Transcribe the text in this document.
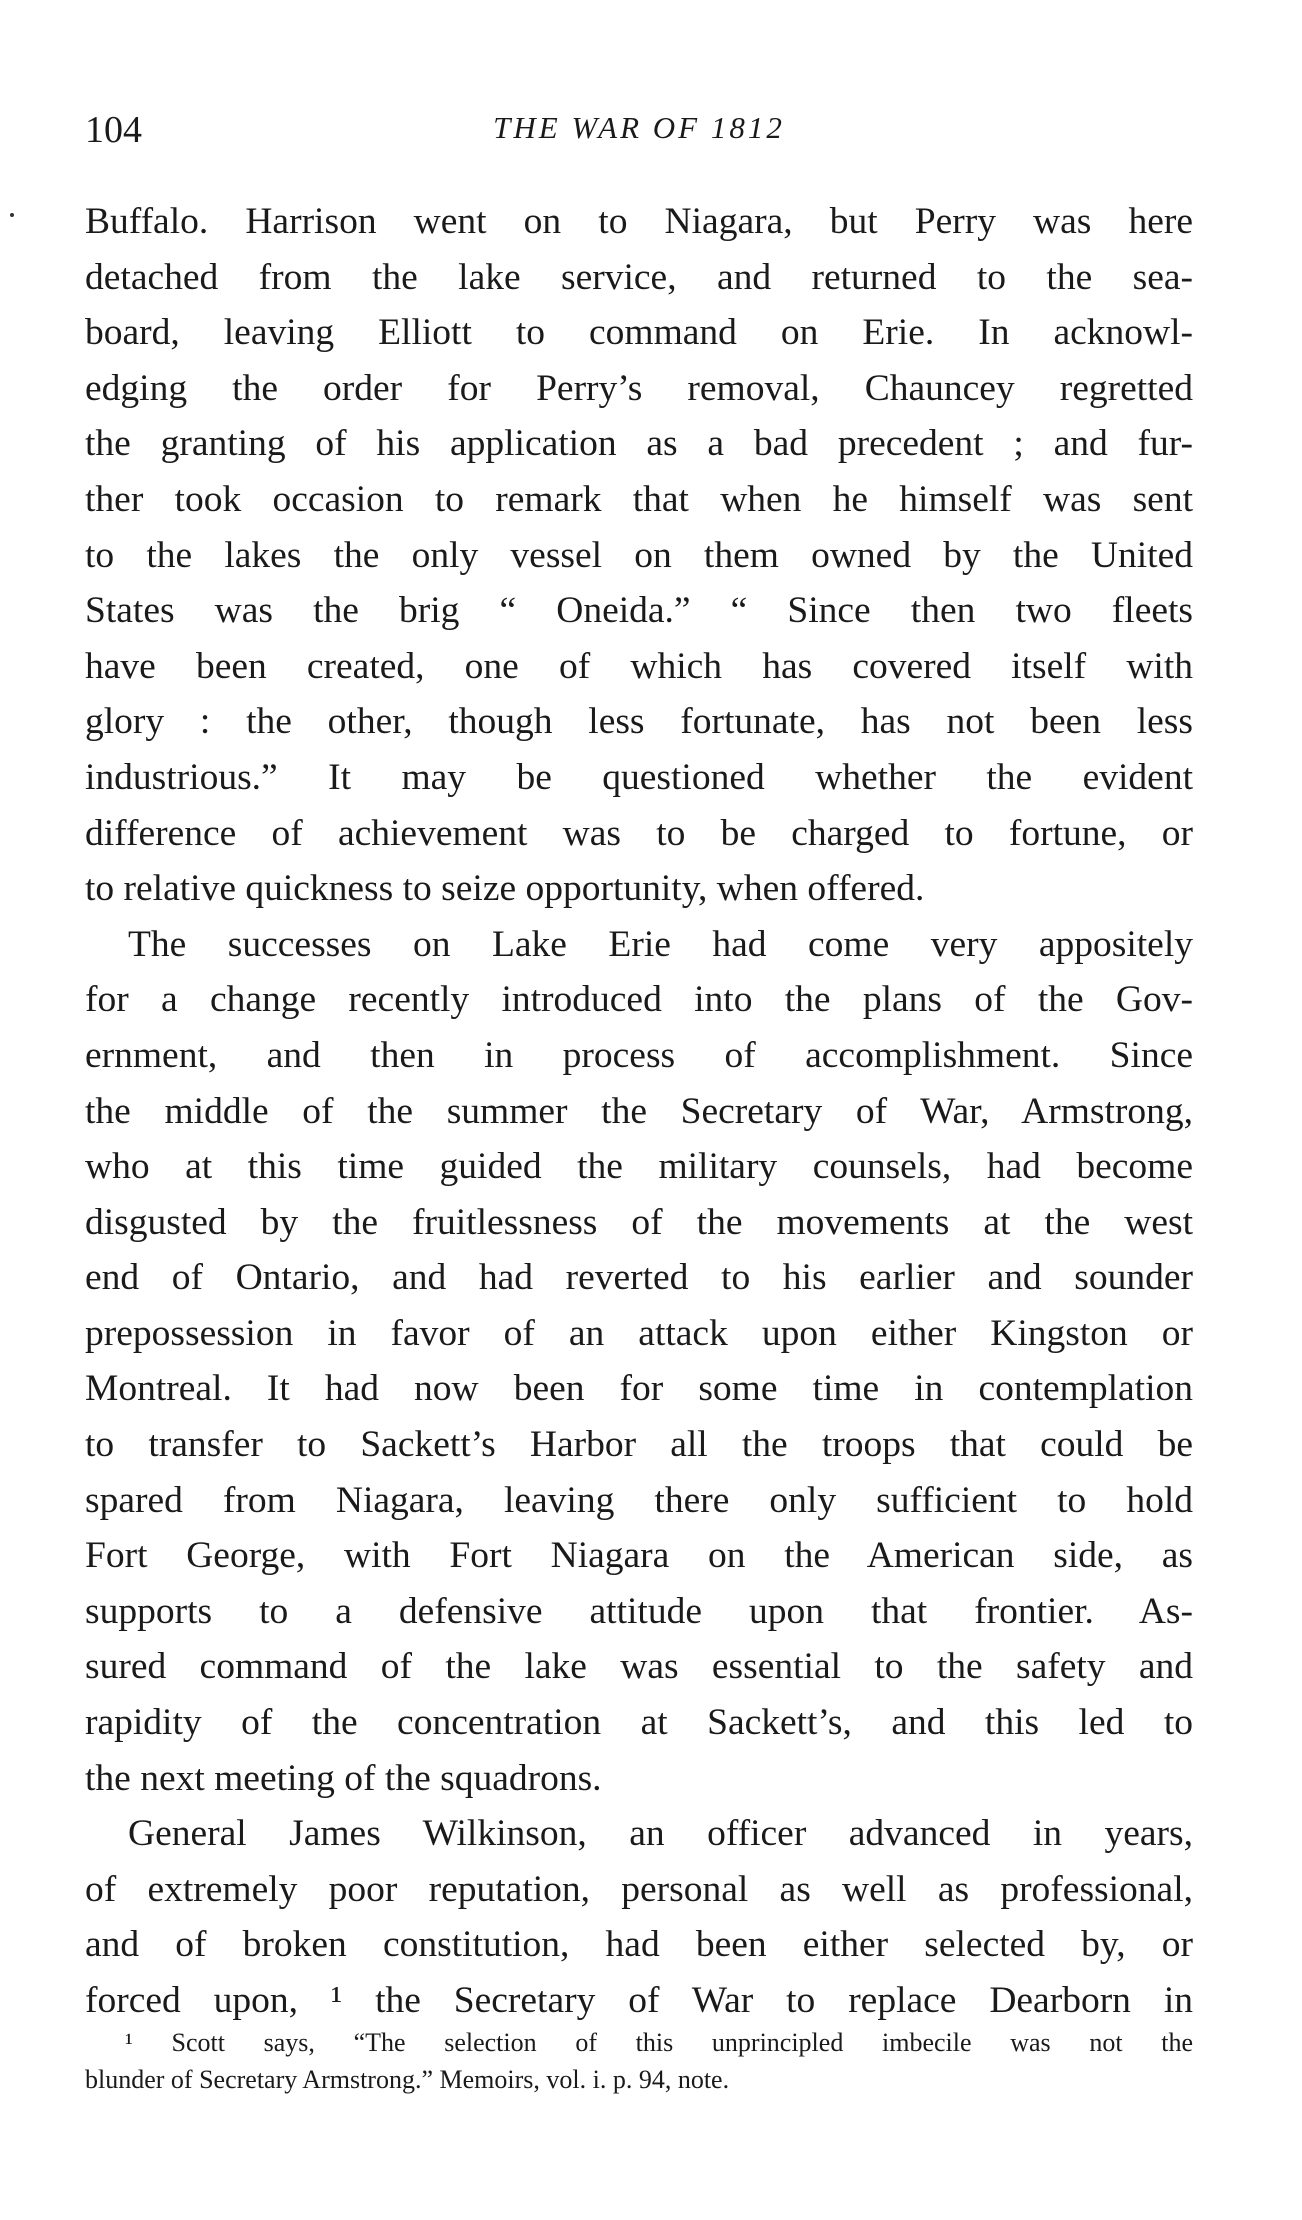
104	THE WAR OF 1812
Buffalo. Harrison went on to Niagara, but Perry was here
detached from the lake service, and returned to the sea-
board, leaving Elliott to command on Erie. In acknowl-
edging the order for Perry’s removal, Chauncey regretted
the granting of his application as a bad precedent ; and fur-
ther took occasion to remark that when he himself was sent
to the lakes the only vessel on them owned by the United
States was the brig “ Oneida.” “ Since then two fleets
have been created, one of which has covered itself with
glory : the other, though less fortunate, has not been less
industrious.” It may be questioned whether the evident
difference of achievement was to be charged to fortune, or
to relative quickness to seize opportunity, when offered.
The successes on Lake Erie had come very appositely
for a change recently introduced into the plans of the Gov-
ernment, and then in process of accomplishment. Since
the middle of the summer the Secretary of War, Armstrong,
who at this time guided the military counsels, had become
disgusted by the fruitlessness of the movements at the west
end of Ontario, and had reverted to his earlier and sounder
prepossession in favor of an attack upon either Kingston or
Montreal. It had now been for some time in contemplation
to transfer to Sackett’s Harbor all the troops that could be
spared from Niagara, leaving there only sufficient to hold
Fort George, with Fort Niagara on the American side, as
supports to a defensive attitude upon that frontier. As-
sured command of the lake was essential to the safety and
rapidity of the concentration at Sackett’s, and this led to
the next meeting of the squadrons.
General James Wilkinson, an officer advanced in years,
of extremely poor reputation, personal as well as professional,
and of broken constitution, had been either selected by, or
forced upon, ¹ the Secretary of War to replace Dearborn in
¹ Scott says, “The selection of this unprincipled imbecile was not the
blunder of Secretary Armstrong.” Memoirs, vol. i. p. 94, note.
